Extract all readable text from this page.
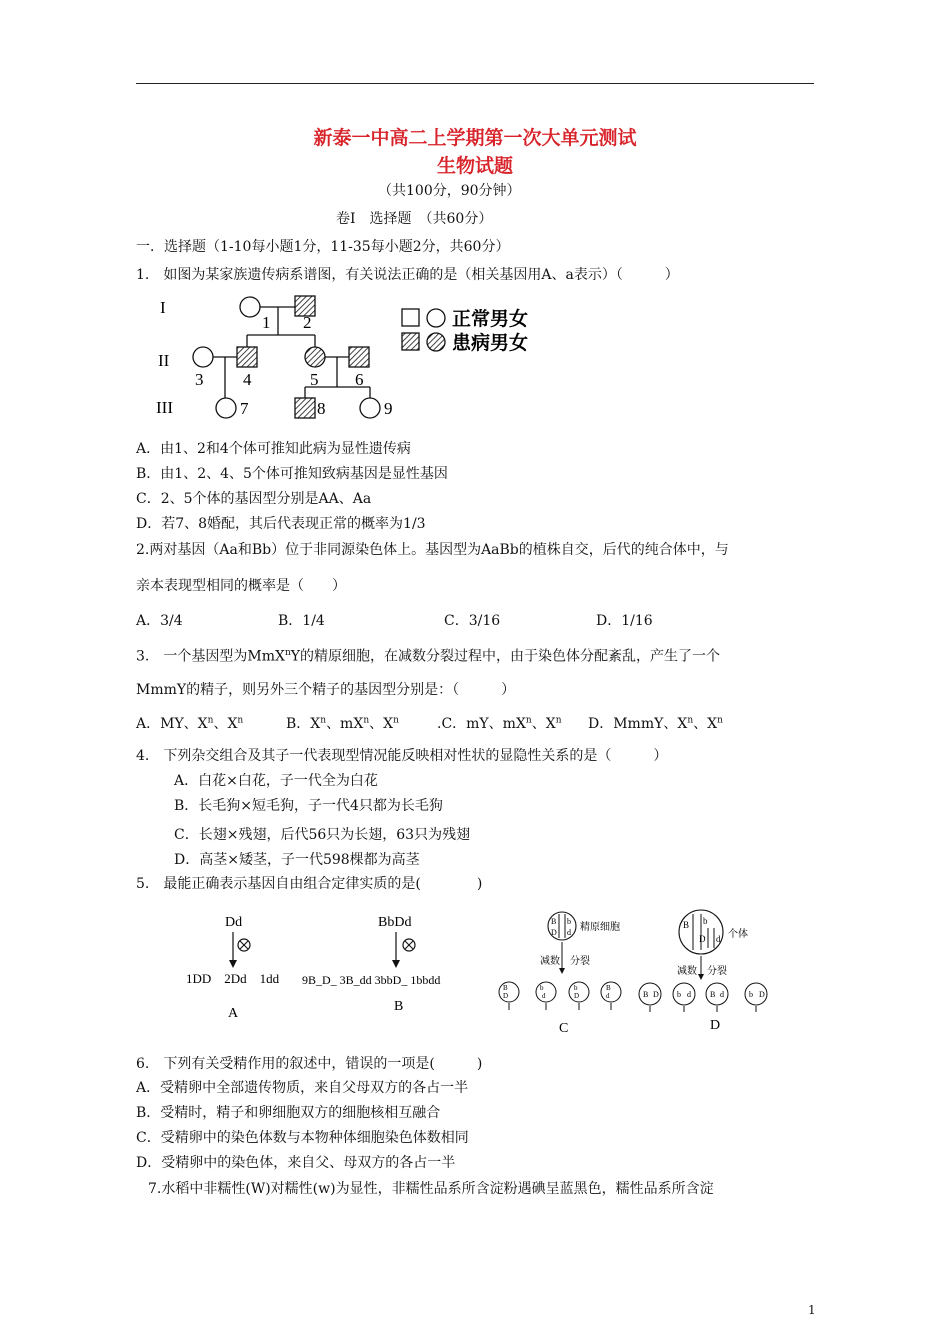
新泰一中高二上学期第一次大单元测试
生物试题
（共100分，90分钟）
卷Ⅰ　选择题　（共60分）
一．选择题（1-10每小题1分，11-35每小题2分，共60分）
1.　如图为某家族遗传病系谱图，有关说法正确的是（相关基因用A、a表示）（　　　）
I
II
III
1 2
3 4	5 6
7	8	9
正常男女
患病男女
A．由1、2和4个体可推知此病为显性遗传病
B．由1、2、4、5个体可推知致病基因是显性基因
C．2、5个体的基因型分别是AA、Aa
D．若7、8婚配，其后代表现正常的概率为1/3
2.两对基因（Aa和Bb）位于非同源染色体上。基因型为AaBb的植株自交，后代的纯合体中，与
亲本表现型相同的概率是（　　）
A．3/4	B．1/4	C．3/16	D．1/16
3.　一个基因型为MmX$^n$Y的精原细胞，在减数分裂过程中，由于染色体分配紊乱，产生了一个
MmmY的精子，则另外三个精子的基因型分别是：（　　　）
A．MY、$X^n$、$X^n$	B．$X^n$、$mX^n$、$X^n$	.C．mY、$mX^n$、$X^n$ D．MmmY、$X^n$、$X^n$
4.　下列杂交组合及其子一代表现型情况能反映相对性状的显隐性关系的是（　　　）
A．白花×白花，子一代全为白花
B．长毛狗×短毛狗，子一代4只都为长毛狗
C．长翅×残翅，后代56只为长翅，63只为残翅
D．高茎×矮茎，子一代598棵都为高茎
5.　最能正确表示基因自由组合定律实质的是(　　　　)
Dd
1DD　2Dd　1dd
A
BbDd
9B_D_ 3B_dd 3bbD_ 1bbdd
B
B b
D d 精原细胞
减数　分裂
B
D
b
d
b
D
B
d
C
B b
D d 个体
减数　分裂
B D b d B d	b D
D
6.　下列有关受精作用的叙述中，错误的一项是(　　　)
A．受精卵中全部遗传物质，来自父母双方的各占一半
B．受精时，精子和卵细胞双方的细胞核相互融合
C．受精卵中的染色体数与本物种体细胞染色体数相同
D．受精卵中的染色体，来自父、母双方的各占一半
7.水稻中非糯性(W)对糯性(w)为显性，非糯性品系所含淀粉遇碘呈蓝黑色，糯性品系所含淀
1
